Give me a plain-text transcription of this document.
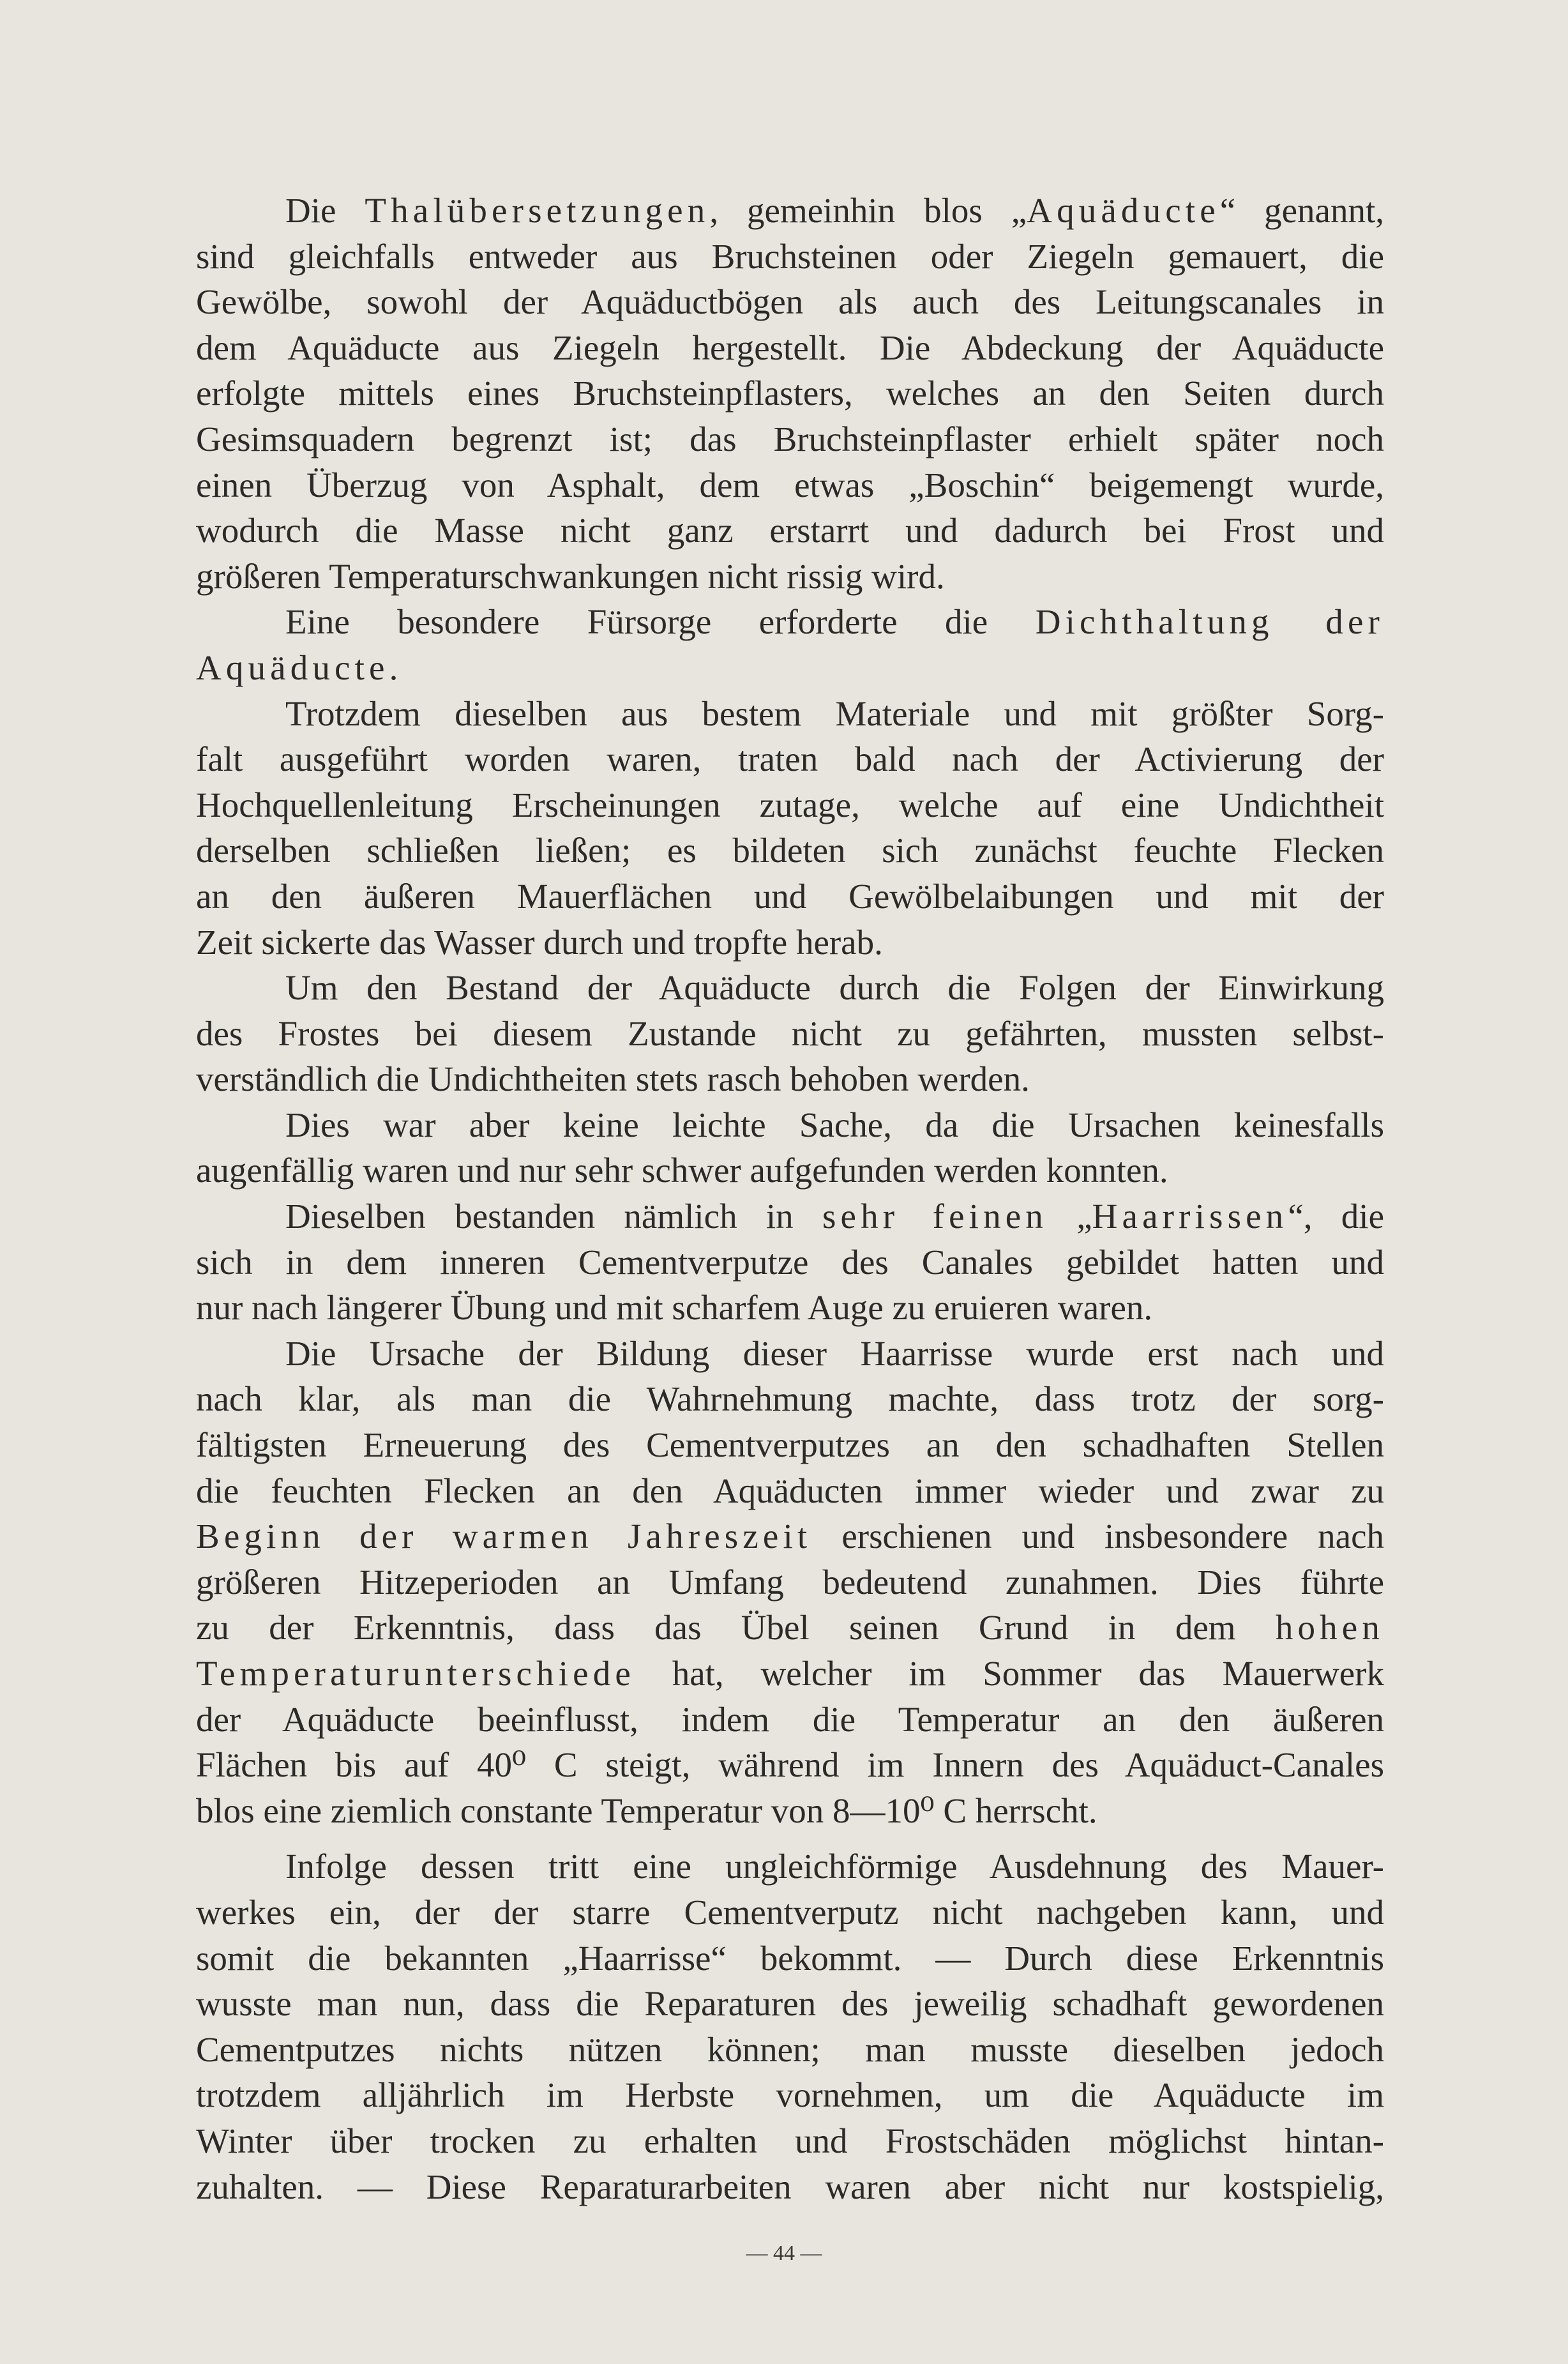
Die Thalübersetzungen, gemeinhin blos „Aquäducte“ genannt,
sind gleichfalls entweder aus Bruchsteinen oder Ziegeln gemauert, die
Gewölbe, sowohl der Aquäductbögen als auch des Leitungscanales in
dem Aquäducte aus Ziegeln hergestellt. Die Abdeckung der Aquäducte
erfolgte mittels eines Bruchsteinpflasters, welches an den Seiten durch
Gesimsquadern begrenzt ist; das Bruchsteinpflaster erhielt später noch
einen Überzug von Asphalt, dem etwas „Boschin“ beigemengt wurde,
wodurch die Masse nicht ganz erstarrt und dadurch bei Frost und
größeren Temperaturschwankungen nicht rissig wird.
Eine besondere Fürsorge erforderte die Dichthaltung der
Aquäducte.
Trotzdem dieselben aus bestem Materiale und mit größter Sorg-
falt ausgeführt worden waren, traten bald nach der Activierung der
Hochquellenleitung Erscheinungen zutage, welche auf eine Undichtheit
derselben schließen ließen; es bildeten sich zunächst feuchte Flecken
an den äußeren Mauerflächen und Gewölbelaibungen und mit der
Zeit sickerte das Wasser durch und tropfte herab.
Um den Bestand der Aquäducte durch die Folgen der Einwirkung
des Frostes bei diesem Zustande nicht zu gefährten, mussten selbst-
verständlich die Undichtheiten stets rasch behoben werden.
Dies war aber keine leichte Sache, da die Ursachen keinesfalls
augenfällig waren und nur sehr schwer aufgefunden werden konnten.
Dieselben bestanden nämlich in sehr feinen „Haarrissen“, die
sich in dem inneren Cementverputze des Canales gebildet hatten und
nur nach längerer Übung und mit scharfem Auge zu eruieren waren.
Die Ursache der Bildung dieser Haarrisse wurde erst nach und
nach klar, als man die Wahrnehmung machte, dass trotz der sorg-
fältigsten Erneuerung des Cementverputzes an den schadhaften Stellen
die feuchten Flecken an den Aquäducten immer wieder und zwar zu
Beginn der warmen Jahreszeit erschienen und insbesondere nach
größeren Hitzeperioden an Umfang bedeutend zunahmen. Dies führte
zu der Erkenntnis, dass das Übel seinen Grund in dem hohen
Temperaturunterschiede hat, welcher im Sommer das Mauerwerk
der Aquäducte beeinflusst, indem die Temperatur an den äußeren
Flächen bis auf 40⁰ C steigt, während im Innern des Aquäduct-Canales
blos eine ziemlich constante Temperatur von 8—10⁰ C herrscht.
Infolge dessen tritt eine ungleichförmige Ausdehnung des Mauer-
werkes ein, der der starre Cementverputz nicht nachgeben kann, und
somit die bekannten „Haarrisse“ bekommt. — Durch diese Erkenntnis
wusste man nun, dass die Reparaturen des jeweilig schadhaft gewordenen
Cementputzes nichts nützen können; man musste dieselben jedoch
trotzdem alljährlich im Herbste vornehmen, um die Aquäducte im
Winter über trocken zu erhalten und Frostschäden möglichst hintan-
zuhalten. — Diese Reparaturarbeiten waren aber nicht nur kostspielig,
— 44 —
